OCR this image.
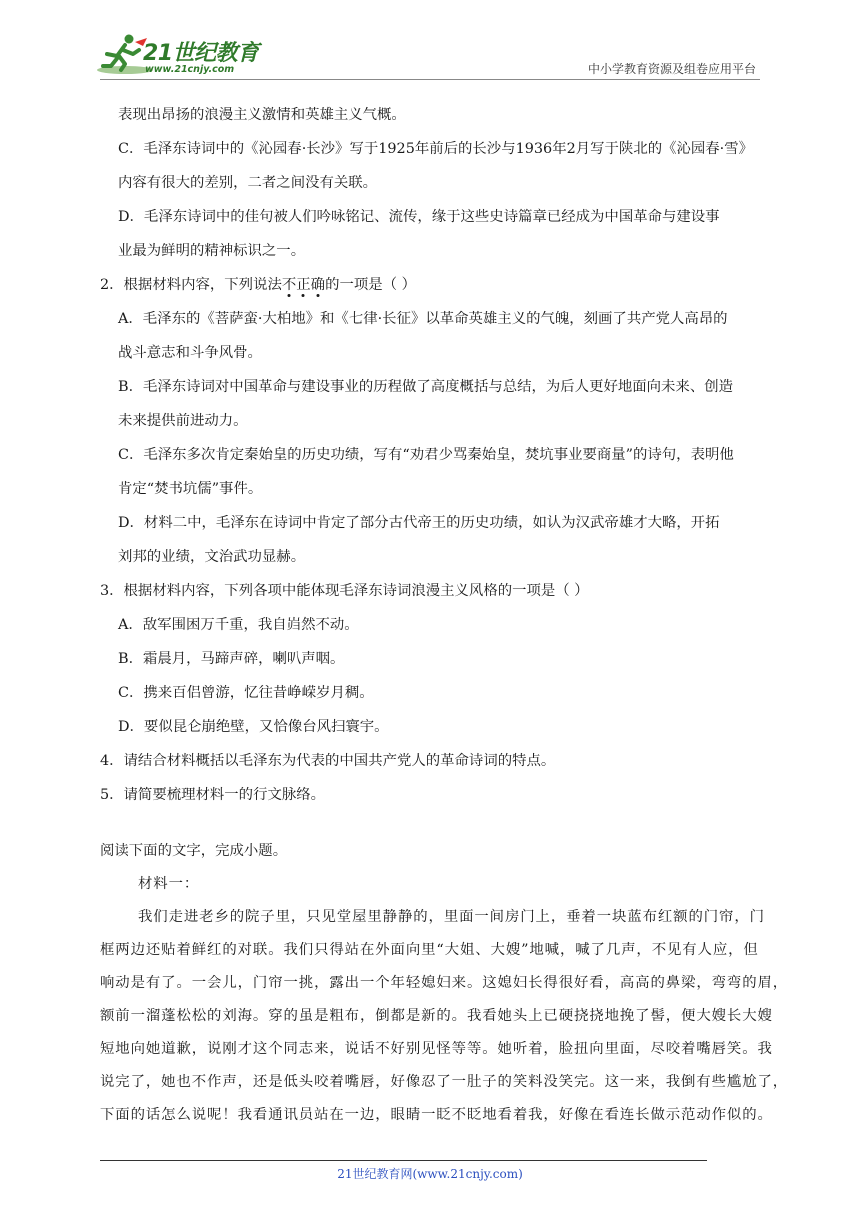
21世纪教育
www.21cnjy.com	中小学教育资源及组卷应用平台
表现出昂扬的浪漫主义激情和英雄主义气概。
C．毛泽东诗词中的《沁园春·长沙》写于1925年前后的长沙与1936年2月写于陕北的《沁园春·雪》
内容有很大的差别，二者之间没有关联。
D．毛泽东诗词中的佳句被人们吟咏铭记、流传，缘于这些史诗篇章已经成为中国革命与建设事
业最为鲜明的精神标识之一。
2．根据材料内容，下列说法不正确的一项是（ ）
A．毛泽东的《菩萨蛮·大柏地》和《七律·长征》以革命英雄主义的气魄，刻画了共产党人高昂的
战斗意志和斗争风骨。
B．毛泽东诗词对中国革命与建设事业的历程做了高度概括与总结，为后人更好地面向未来、创造
未来提供前进动力。
C．毛泽东多次肯定秦始皇的历史功绩，写有“劝君少骂秦始皇，焚坑事业要商量”的诗句，表明他
肯定“焚书坑儒”事件。
D．材料二中，毛泽东在诗词中肯定了部分古代帝王的历史功绩，如认为汉武帝雄才大略，开拓
刘邦的业绩，文治武功显赫。
3．根据材料内容，下列各项中能体现毛泽东诗词浪漫主义风格的一项是（ ）
A．敌军围困万千重，我自岿然不动。
B．霜晨月，马蹄声碎，喇叭声咽。
C．携来百侣曾游，忆往昔峥嵘岁月稠。
D．要似昆仑崩绝壁，又恰像台风扫寰宇。
4．请结合材料概括以毛泽东为代表的中国共产党人的革命诗词的特点。
5．请简要梳理材料一的行文脉络。
阅读下面的文字，完成小题。
材料一：
我们走进老乡的院子里，只见堂屋里静静的，里面一间房门上，垂着一块蓝布红额的门帘，门
框两边还贴着鲜红的对联。我们只得站在外面向里“大姐、大嫂”地喊，喊了几声，不见有人应，但
响动是有了。一会儿，门帘一挑，露出一个年轻媳妇来。这媳妇长得很好看，高高的鼻梁，弯弯的眉，
额前一溜蓬松松的刘海。穿的虽是粗布，倒都是新的。我看她头上已硬挠挠地挽了髻，便大嫂长大嫂
短地向她道歉，说刚才这个同志来，说话不好别见怪等等。她听着，脸扭向里面，尽咬着嘴唇笑。我
说完了，她也不作声，还是低头咬着嘴唇，好像忍了一肚子的笑料没笑完。这一来，我倒有些尴尬了，
下面的话怎么说呢！我看通讯员站在一边，眼睛一眨不眨地看着我，好像在看连长做示范动作似的。
21世纪教育网(www.21cnjy.com)
